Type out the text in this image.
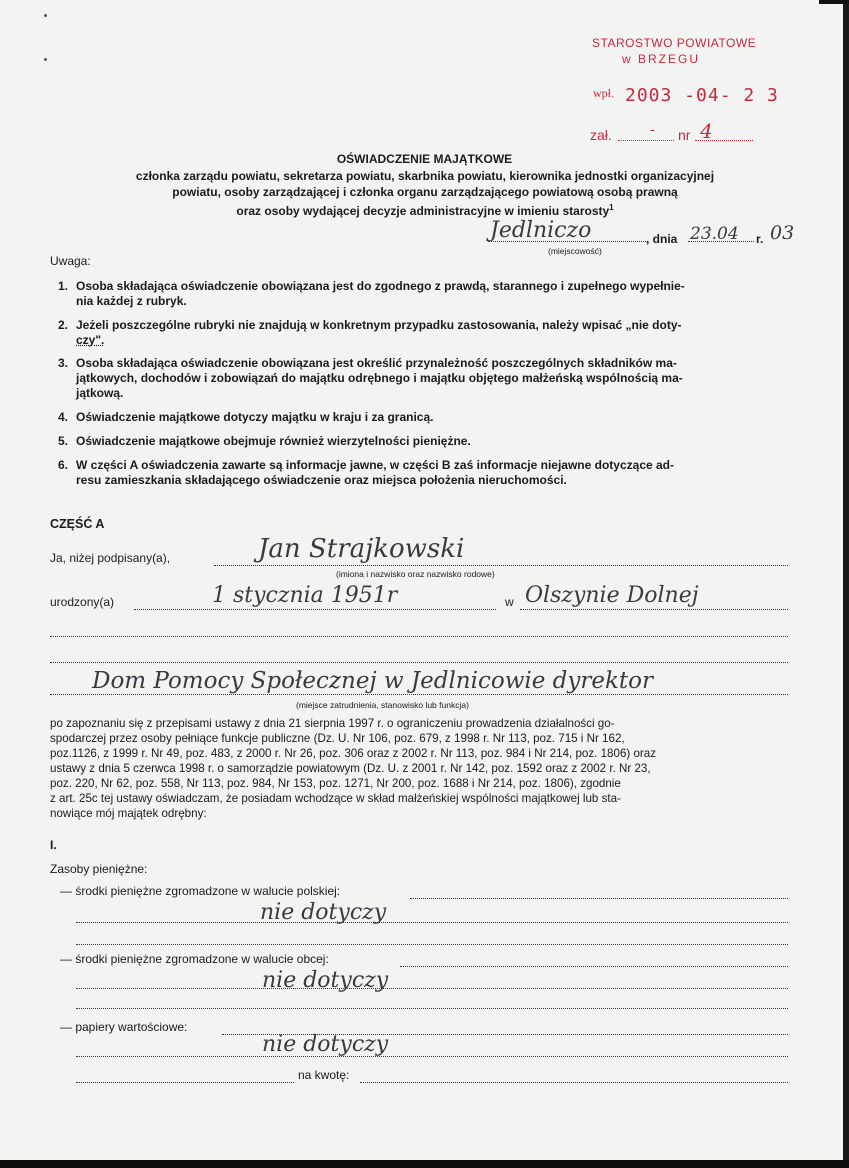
STAROSTWO POWIATOWE
w BRZEGU
wpł. 2003 -04- 2 3
zał.	- nr 4
OŚWIADCZENIE MAJĄTKOWE
członka zarządu powiatu, sekretarza powiatu, skarbnika powiatu, kierownika jednostki organizacyjnej
powiatu, osoby zarządzającej i członka organu zarządzającego powiatową osobą prawną
oraz osoby wydającej decyzje administracyjne w imieniu starosty$^1$
Jedlniczo	, dnia 23.04 r. 03
(miejscowość)
Uwaga:
1. Osoba składająca oświadczenie obowiązana jest do zgodnego z prawdą, starannego i zupełnego wypełnie-
nia każdej z rubryk.
2. Jeżeli poszczególne rubryki nie znajdują w konkretnym przypadku zastosowania, należy wpisać „nie doty-
czy".
3. Osoba składająca oświadczenie obowiązana jest określić przynależność poszczególnych składników ma-
jątkowych, dochodów i zobowiązań do majątku odrębnego i majątku objętego małżeńską wspólnością ma-
jątkową.
4. Oświadczenie majątkowe dotyczy majątku w kraju i za granicą.
5. Oświadczenie majątkowe obejmuje również wierzytelności pieniężne.
6. W części A oświadczenia zawarte są informacje jawne, w części B zaś informacje niejawne dotyczące ad-
resu zamieszkania składającego oświadczenie oraz miejsca położenia nieruchomości.
CZĘŚĆ A
Ja, niżej podpisany(a),	Jan Strajkowski
(imiona i nazwisko oraz nazwisko rodowe)
urodzony(a)	1 stycznia 1951r	w Olszynie Dolnej
Dom Pomocy Społecznej w Jedlnicowie dyrektor
(miejsce zatrudnienia, stanowisko lub funkcja)
po zapoznaniu się z przepisami ustawy z dnia 21 sierpnia 1997 r. o ograniczeniu prowadzenia działalności go-
spodarczej przez osoby pełniące funkcje publiczne (Dz. U. Nr 106, poz. 679, z 1998 r. Nr 113, poz. 715 i Nr 162,
poz.1126, z 1999 r. Nr 49, poz. 483, z 2000 r. Nr 26, poz. 306 oraz z 2002 r. Nr 113, poz. 984 i Nr 214, poz. 1806) oraz
ustawy z dnia 5 czerwca 1998 r. o samorządzie powiatowym (Dz. U. z 2001 r. Nr 142, poz. 1592 oraz z 2002 r. Nr 23,
poz. 220, Nr 62, poz. 558, Nr 113, poz. 984, Nr 153, poz. 1271, Nr 200, poz. 1688 i Nr 214, poz. 1806), zgodnie
z art. 25c tej ustawy oświadczam, że posiadam wchodzące w skład małżeńskiej wspólności majątkowej lub sta-
nowiące mój majątek odrębny:
I.
Zasoby pieniężne:
— środki pieniężne zgromadzone w walucie polskiej:
nie dotyczy
— środki pieniężne zgromadzone w walucie obcej:
nie dotyczy
— papiery wartościowe:
nie dotyczy
na kwotę:
